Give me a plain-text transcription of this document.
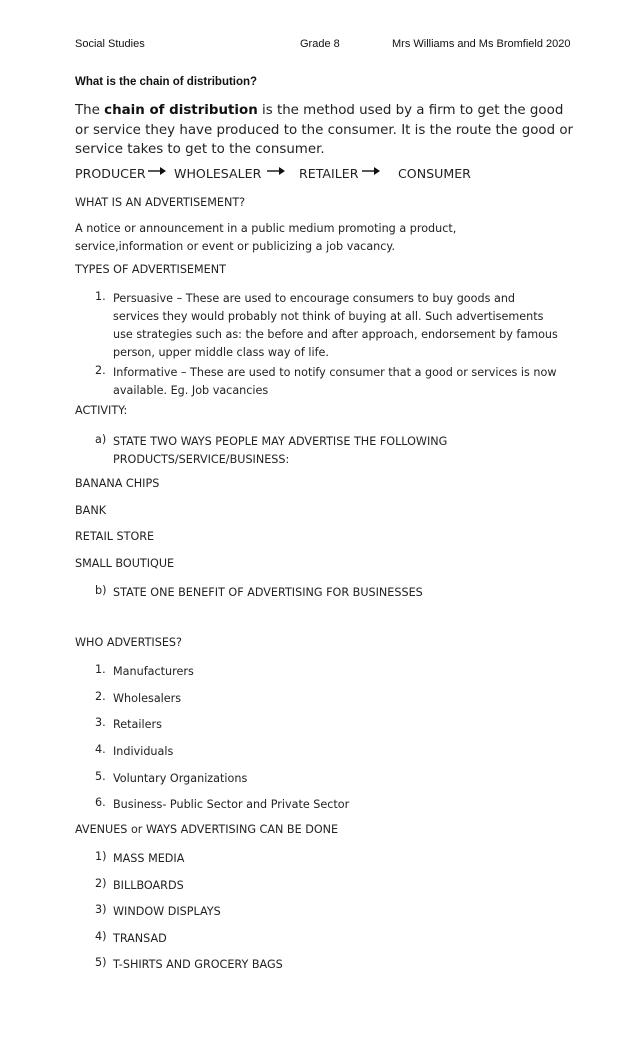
Social Studies	Grade 8	Mrs Williams and Ms Bromfield 2020
What is the chain of distribution?
The chain of distribution is the method used by a firm to get the good or service they have produced to the consumer. It is the route the good or service takes to get to the consumer.
PRODUCER WHOLESALER	RETAILER	CONSUMER
WHAT IS AN ADVERTISEMENT?
A notice or announcement in a public medium promoting a product, service,information or event or publicizing a job vacancy.
TYPES OF ADVERTISEMENT
1. Persuasive – These are used to encourage consumers to buy goods and services they would probably not think of buying at all. Such advertisements use strategies such as: the before and after approach, endorsement by famous person, upper middle class way of life.
2. Informative – These are used to notify consumer that a good or services is now available. Eg. Job vacancies
ACTIVITY:
a) STATE TWO WAYS PEOPLE MAY ADVERTISE THE FOLLOWING PRODUCTS/SERVICE/BUSINESS:
BANANA CHIPS
BANK
RETAIL STORE
SMALL BOUTIQUE
b) STATE ONE BENEFIT OF ADVERTISING FOR BUSINESSES
WHO ADVERTISES?
1. Manufacturers
2. Wholesalers
3. Retailers
4. Individuals
5. Voluntary Organizations
6. Business- Public Sector and Private Sector
AVENUES or WAYS ADVERTISING CAN BE DONE
1) MASS MEDIA
2) BILLBOARDS
3) WINDOW DISPLAYS
4) TRANSAD
5) T-SHIRTS AND GROCERY BAGS
